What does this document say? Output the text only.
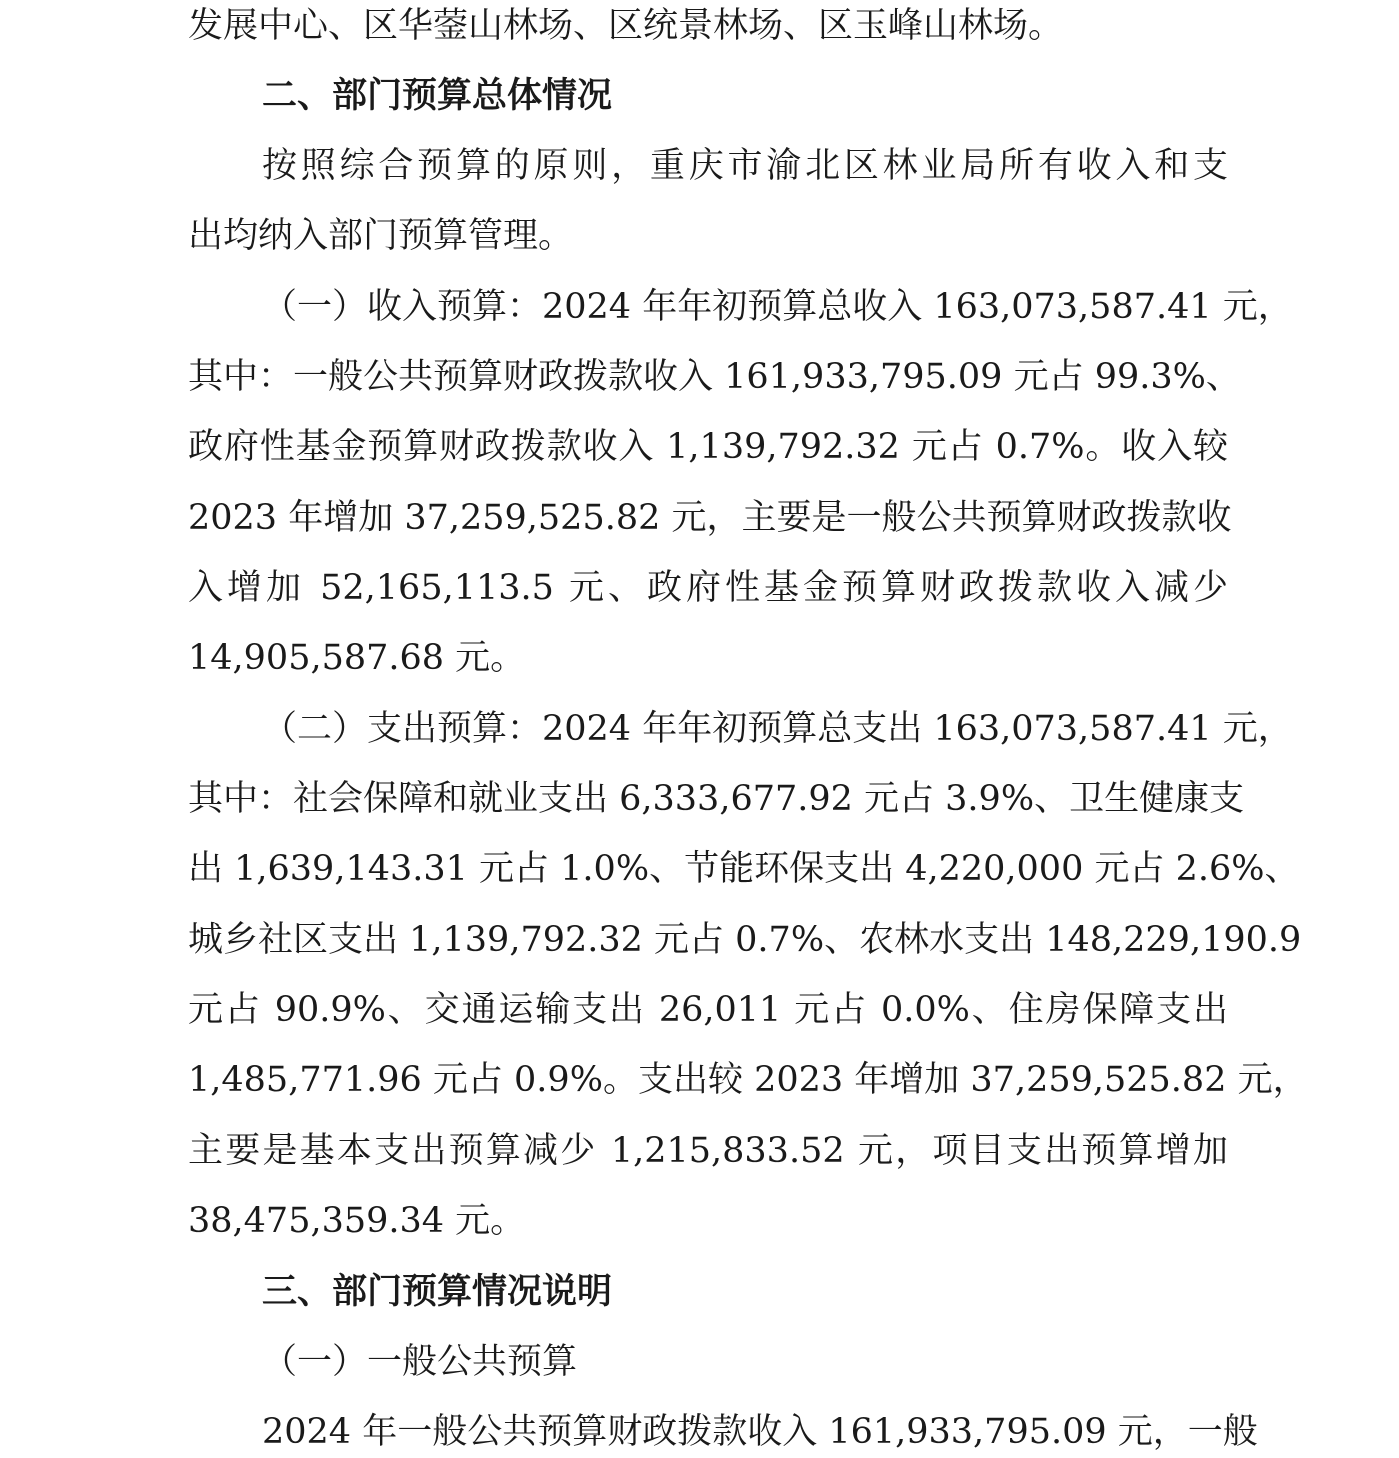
发展中心、区华蓥山林场、区统景林场、区玉峰山林场。
二、部门预算总体情况
按照综合预算的原则，重庆市渝北区林业局所有收入和支
出均纳入部门预算管理。
（一）收入预算：2024 年年初预算总收入 163,073,587.41 元，
其中：一般公共预算财政拨款收入 161,933,795.09 元占 99.3%、
政府性基金预算财政拨款收入 1,139,792.32 元占 0.7%。收入较
2023 年增加 37,259,525.82 元，主要是一般公共预算财政拨款收
入增加 52,165,113.5 元、政府性基金预算财政拨款收入减少
14,905,587.68 元。
（二）支出预算：2024 年年初预算总支出 163,073,587.41 元，
其中：社会保障和就业支出 6,333,677.92 元占 3.9%、卫生健康支
出 1,639,143.31 元占 1.0%、节能环保支出 4,220,000 元占 2.6%、
城乡社区支出 1,139,792.32 元占 0.7%、农林水支出 148,229,190.9
元占 90.9%、交通运输支出 26,011 元占 0.0%、住房保障支出
1,485,771.96 元占 0.9%。支出较 2023 年增加 37,259,525.82 元，
主要是基本支出预算减少 1,215,833.52 元，项目支出预算增加
38,475,359.34 元。
三、部门预算情况说明
（一）一般公共预算
2024 年一般公共预算财政拨款收入 161,933,795.09 元，一般
